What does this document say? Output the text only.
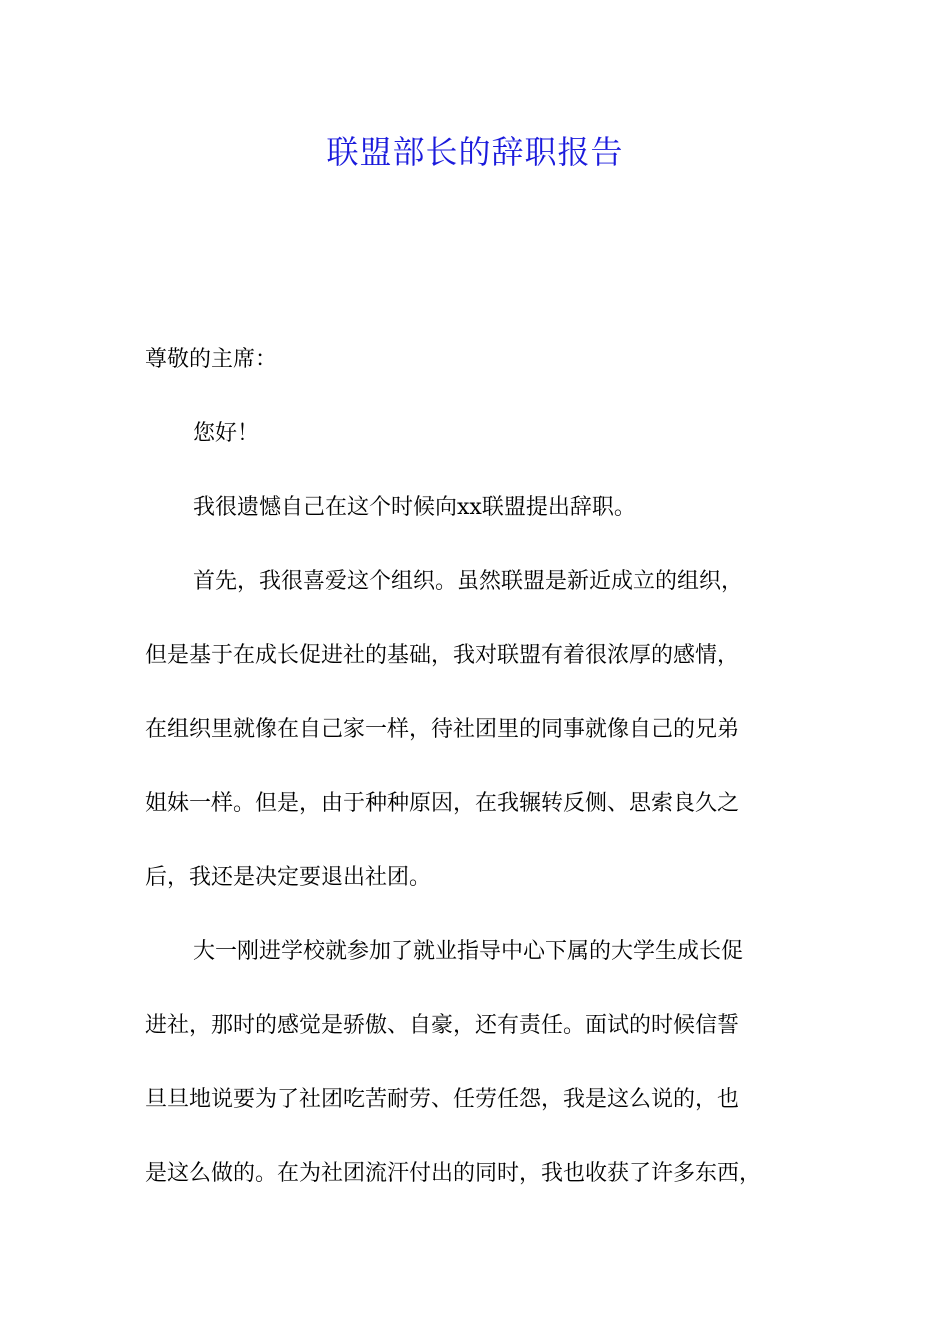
联盟部长的辞职报告
尊敬的主席：
您好！
我很遗憾自己在这个时候向xx联盟提出辞职。
首先，我很喜爱这个组织。虽然联盟是新近成立的组织，
但是基于在成长促进社的基础，我对联盟有着很浓厚的感情，
在组织里就像在自己家一样，待社团里的同事就像自己的兄弟
姐妹一样。但是，由于种种原因，在我辗转反侧、思索良久之
后，我还是决定要退出社团。
大一刚进学校就参加了就业指导中心下属的大学生成长促
进社，那时的感觉是骄傲、自豪，还有责任。面试的时候信誓
旦旦地说要为了社团吃苦耐劳、任劳任怨，我是这么说的，也
是这么做的。在为社团流汗付出的同时，我也收获了许多东西，
